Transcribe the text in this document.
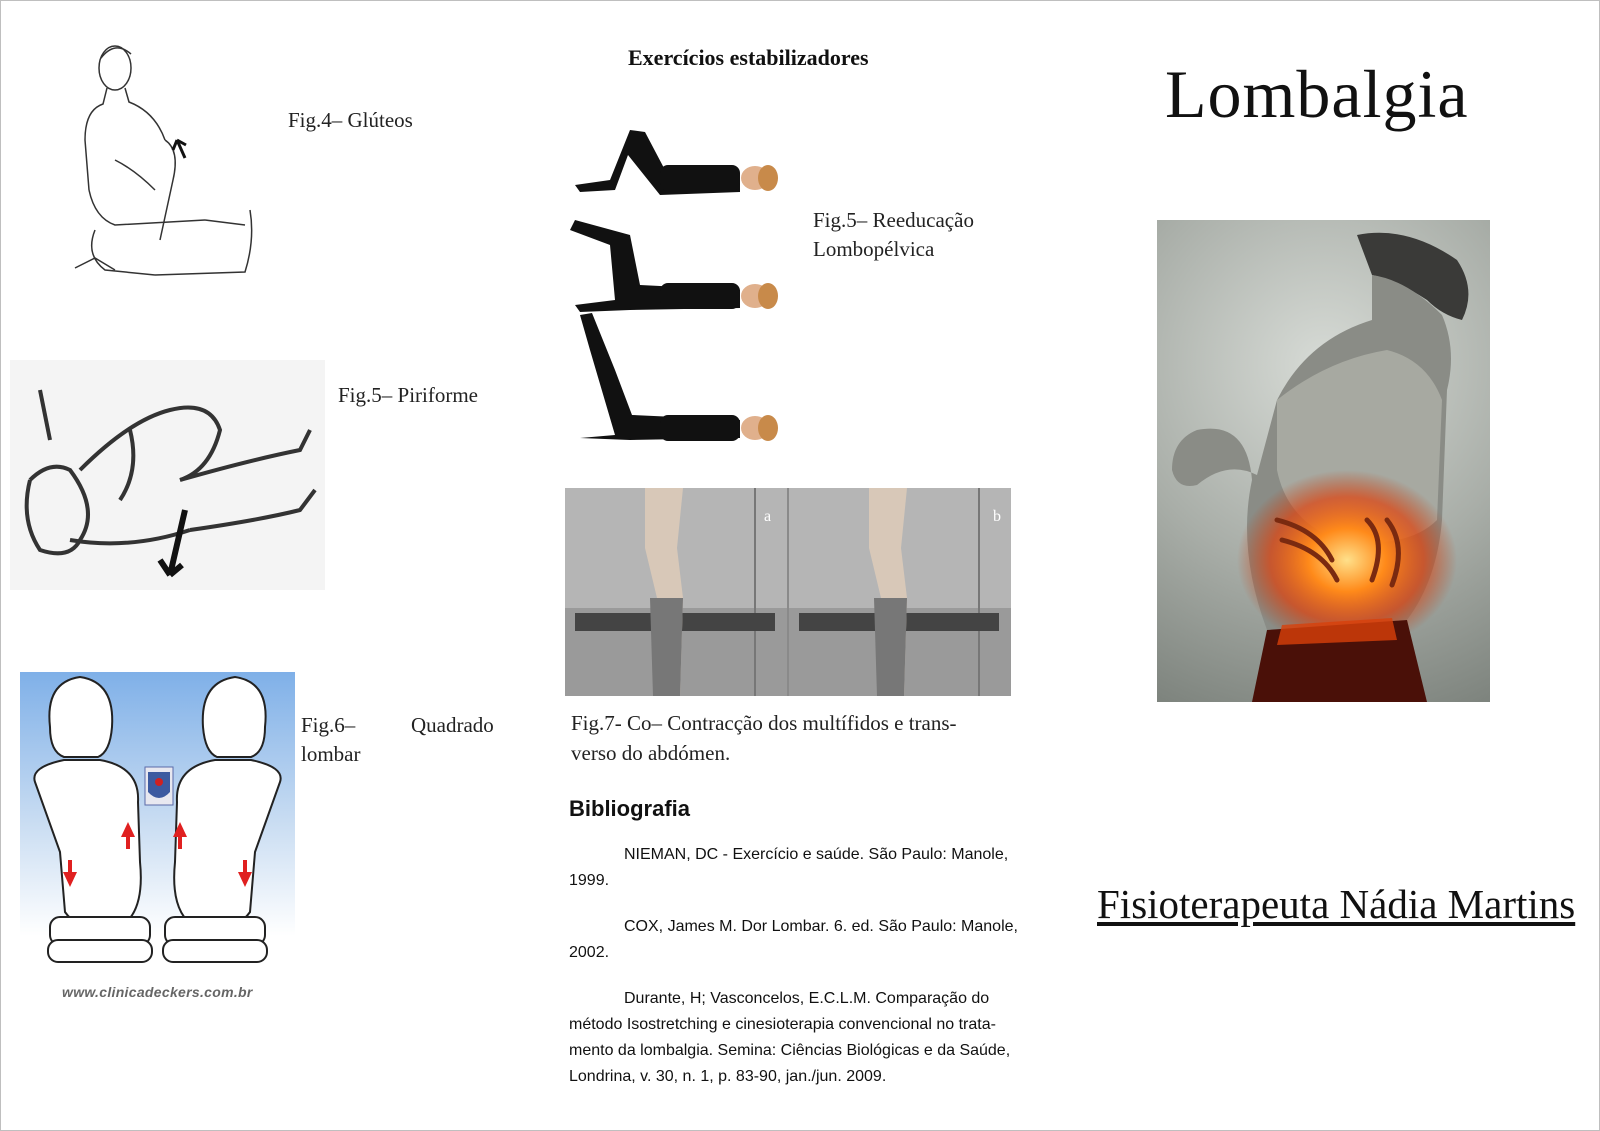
Fig.4– Glúteos
Fig.5– Piriforme
www.clinicadeckers.com.br
Fig.6–	Quadrado
lombar
Exercícios estabilizadores
Fig.5– Reeducação
Lombopélvica
a	b
Fig.7- Co– Contracção dos multífidos e trans-
verso do abdómen.
Bibliografia
NIEMAN, DC - Exercício e saúde. São Paulo: Manole,
1999.
COX, James M. Dor Lombar. 6. ed. São Paulo: Manole,
2002.
Durante, H; Vasconcelos, E.C.L.M. Comparação do
método Isostretching e cinesioterapia convencional no trata-
mento da lombalgia. Semina: Ciências Biológicas e da Saúde,
Londrina, v. 30, n. 1, p. 83-90, jan./jun. 2009.
Lombalgia
Fisioterapeuta Nádia Martins
